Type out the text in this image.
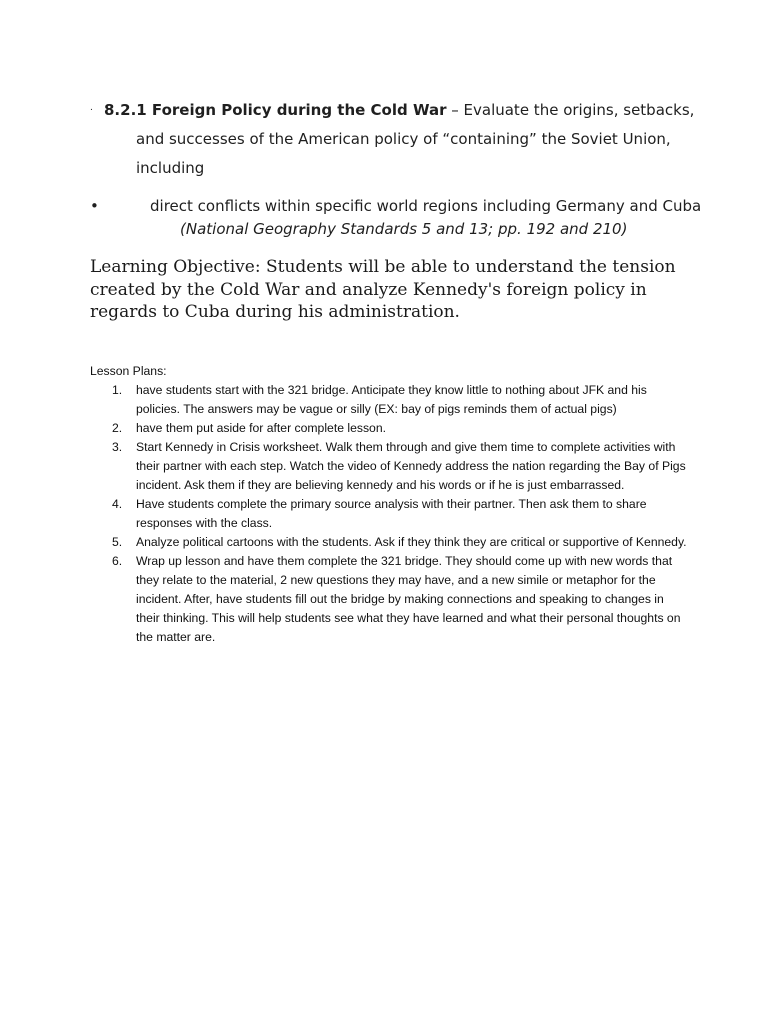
. 8.2.1 Foreign Policy during the Cold War – Evaluate the origins, setbacks,
and successes of the American policy of “containing” the Soviet Union,
including
•	direct conflicts within specific world regions including Germany and Cuba
(National Geography Standards 5 and 13; pp. 192 and 210)
Learning Objective: Students will be able to understand the tension created by the Cold War and analyze Kennedy's foreign policy in regards to Cuba during his administration.
Lesson Plans:
1. have students start with the 321 bridge. Anticipate they know little to nothing about JFK and his policies. The answers may be vague or silly (EX: bay of pigs reminds them of actual pigs)
2. have them put aside for after complete lesson.
3. Start Kennedy in Crisis worksheet. Walk them through and give them time to complete activities with their partner with each step. Watch the video of Kennedy address the nation regarding the Bay of Pigs incident. Ask them if they are believing kennedy and his words or if he is just embarrassed.
4. Have students complete the primary source analysis with their partner. Then ask them to share responses with the class.
5. Analyze political cartoons with the students. Ask if they think they are critical or supportive of Kennedy.
6. Wrap up lesson and have them complete the 321 bridge. They should come up with new words that they relate to the material, 2 new questions they may have, and a new simile or metaphor for the incident. After, have students fill out the bridge by making connections and speaking to changes in their thinking. This will help students see what they have learned and what their personal thoughts on the matter are.
